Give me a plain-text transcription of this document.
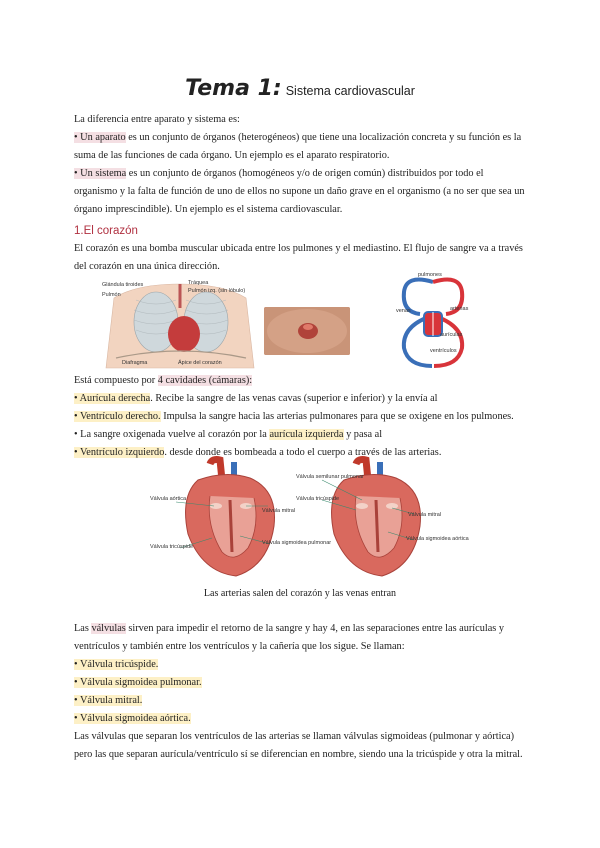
Tema 1: Sistema cardiovascular
La diferencia entre aparato y sistema es:
• Un aparato es un conjunto de órganos (heterogéneos) que tiene una localización concreta y su función es la
suma de las funciones de cada órgano. Un ejemplo es el aparato respiratorio.
• Un sistema es un conjunto de órganos (homogéneos y/o de origen común) distribuidos por todo el
organismo y la falta de función de uno de ellos no supone un daño grave en el organismo (a no ser que sea un
órgano imprescindible). Un ejemplo es el sistema cardiovascular.
1.El corazón
El corazón es una bomba muscular ubicada entre los pulmones y el mediastino. El flujo de sangre va a través
del corazón en una única dirección.
Glándula tiroides
Pulmón
Tráquea
Pulmón izq. (sin lóbulo)
Diafragma	Ápice del corazón
pulmones
venas	arterias
aurículas
ventrículos
Está compuesto por 4 cavidades (cámaras):
• Aurícula derecha. Recibe la sangre de las venas cavas (superior e inferior) y la envía al
• Ventrículo derecho. Impulsa la sangre hacia las arterias pulmonares para que se oxigene en los pulmones.
• La sangre oxigenada vuelve al corazón por la aurícula izquierda y pasa al
• Ventrículo izquierdo. desde donde es bombeada a todo el cuerpo a través de las arterias.
Válvula aórtica
Válvula tricúspide
Válvula mitral
Válvula sigmoidea pulmonar
Válvula semilunar pulmonar
Válvula tricúspide
Válvula mitral
Válvula sigmoidea aórtica
Las arterias salen del corazón y las venas entran
Las válvulas sirven para impedir el retorno de la sangre y hay 4, en las separaciones entre las aurículas y
ventrículos y también entre los ventrículos y la cañería que los sigue. Se llaman:
• Válvula tricúspide.
• Válvula sigmoidea pulmonar.
• Válvula mitral.
• Válvula sigmoidea aórtica.
Las válvulas que separan los ventrículos de las arterias se llaman válvulas sigmoideas (pulmonar y aórtica)
pero las que separan aurícula/ventrículo sí se diferencian en nombre, siendo una la tricúspide y otra la mitral.
